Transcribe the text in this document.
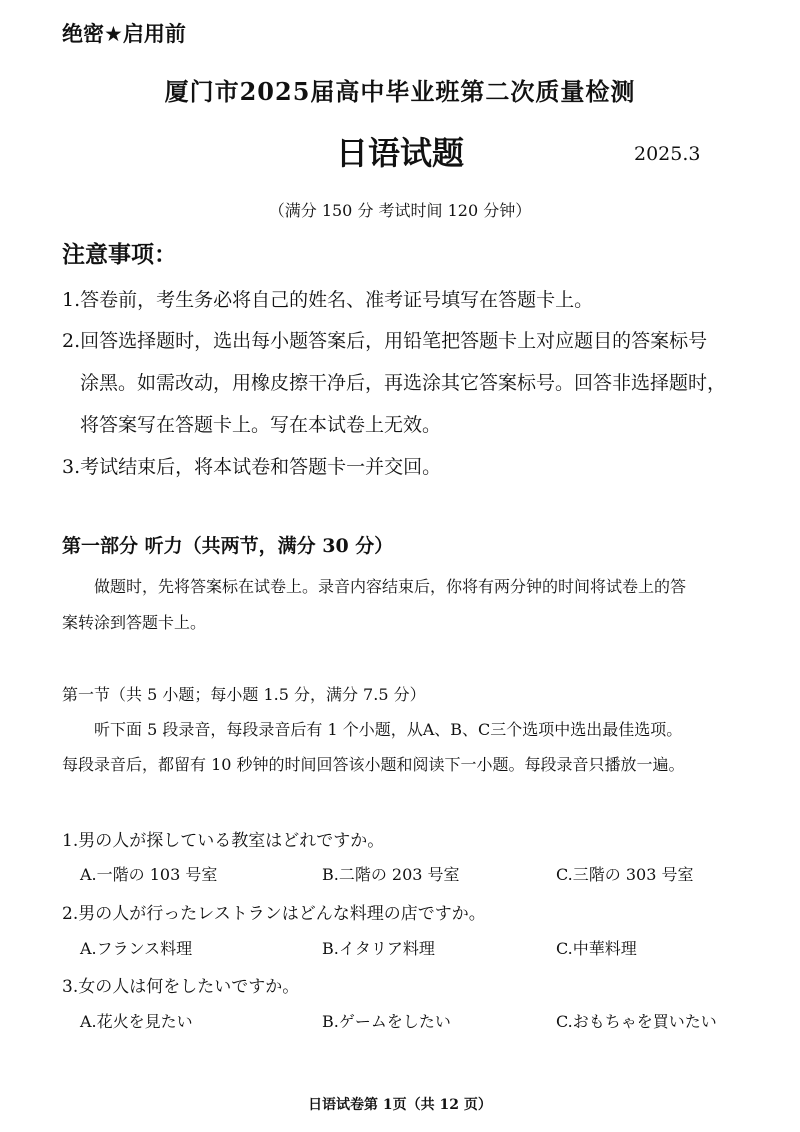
绝密★启用前
厦门市2025届高中毕业班第二次质量检测
日语试题	2025.3
（满分 150 分 考试时间 120 分钟）
注意事项：
1.答卷前，考生务必将自己的姓名、准考证号填写在答题卡上。
2.回答选择题时，选出每小题答案后，用铅笔把答题卡上对应题目的答案标号
涂黑。如需改动，用橡皮擦干净后，再选涂其它答案标号。回答非选择题时，
将答案写在答题卡上。写在本试卷上无效。
3.考试结束后，将本试卷和答题卡一并交回。
第一部分 听力（共两节，满分 30 分）
做题时，先将答案标在试卷上。录音内容结束后，你将有两分钟的时间将试卷上的答
案转涂到答题卡上。
第一节（共 5 小题；每小题 1.5 分，满分 7.5 分）
听下面 5 段录音，每段录音后有 1 个小题，从A、B、C三个选项中选出最佳选项。
每段录音后，都留有 10 秒钟的时间回答该小题和阅读下一小题。每段录音只播放一遍。
1.男の人が探している教室はどれですか。
A.一階の 103 号室	B.二階の 203 号室	C.三階の 303 号室
2.男の人が行ったレストランはどんな料理の店ですか。
A.フランス料理	B.イタリア料理	C.中華料理
3.女の人は何をしたいですか。
A.花火を見たい	B.ゲームをしたい	C.おもちゃを買いたい
日语试卷第 1页（共 12 页）
